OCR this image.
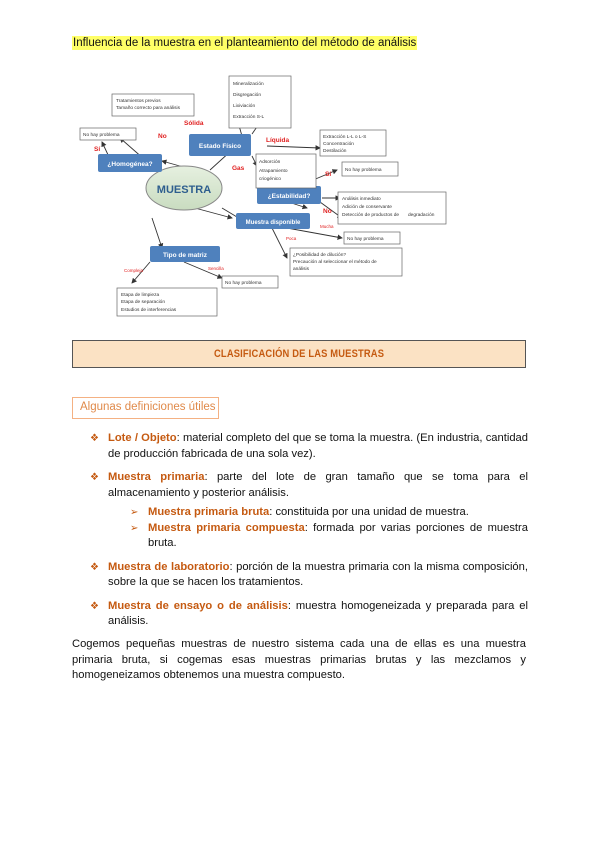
Influencia de la muestra en el planteamiento del método de análisis
MUESTRA
Estado Físico
¿Homogénea?
¿Estabilidad?
Muestra disponible
Tipo de matriz
Sólida
Líquida
Gas
Sí
No
Sí
No
Mucha
Poca
Compleja	Sencilla
Tratamientos previos
Tamaño correcto para análisis
No hay problema
Mineralización
Disgregación
Lixiviación
Extracción S-L
Extracción L-L o L-S
Concentración
Destilación
Adsorción
Atrapamiento
criogénico
No hay problema
Análisis inmediato
Adición de conservante
Detección de productos de degradación
No hay problema
¿Posibilidad de dilución?
Precaución al seleccionar el método de
análisis
No hay problema
Etapa de limpieza
Etapa de separación
Estudios de interferencias
CLASIFICACIÓN DE LAS MUESTRAS
Algunas definiciones útiles
❖ Lote / Objeto: material completo del que se toma la muestra. (En industria, cantidad de producción fabricada de una sola vez).
❖ Muestra primaria: parte del lote de gran tamaño que se toma para el almacenamiento y posterior análisis.
➢ Muestra primaria bruta: constituida por una unidad de muestra.
➢ Muestra primaria compuesta: formada por varias porciones de muestra bruta.
❖ Muestra de laboratorio: porción de la muestra primaria con la misma composición, sobre la que se hacen los tratamientos.
❖ Muestra de ensayo o de análisis: muestra homogeneizada y preparada para el análisis.

Cogemos pequeñas muestras de nuestro sistema cada una de ellas es una muestra primaria bruta, si cogemas esas muestras primarias brutas y las mezclamos y homogeneizamos obtenemos una muestra compuesto.
